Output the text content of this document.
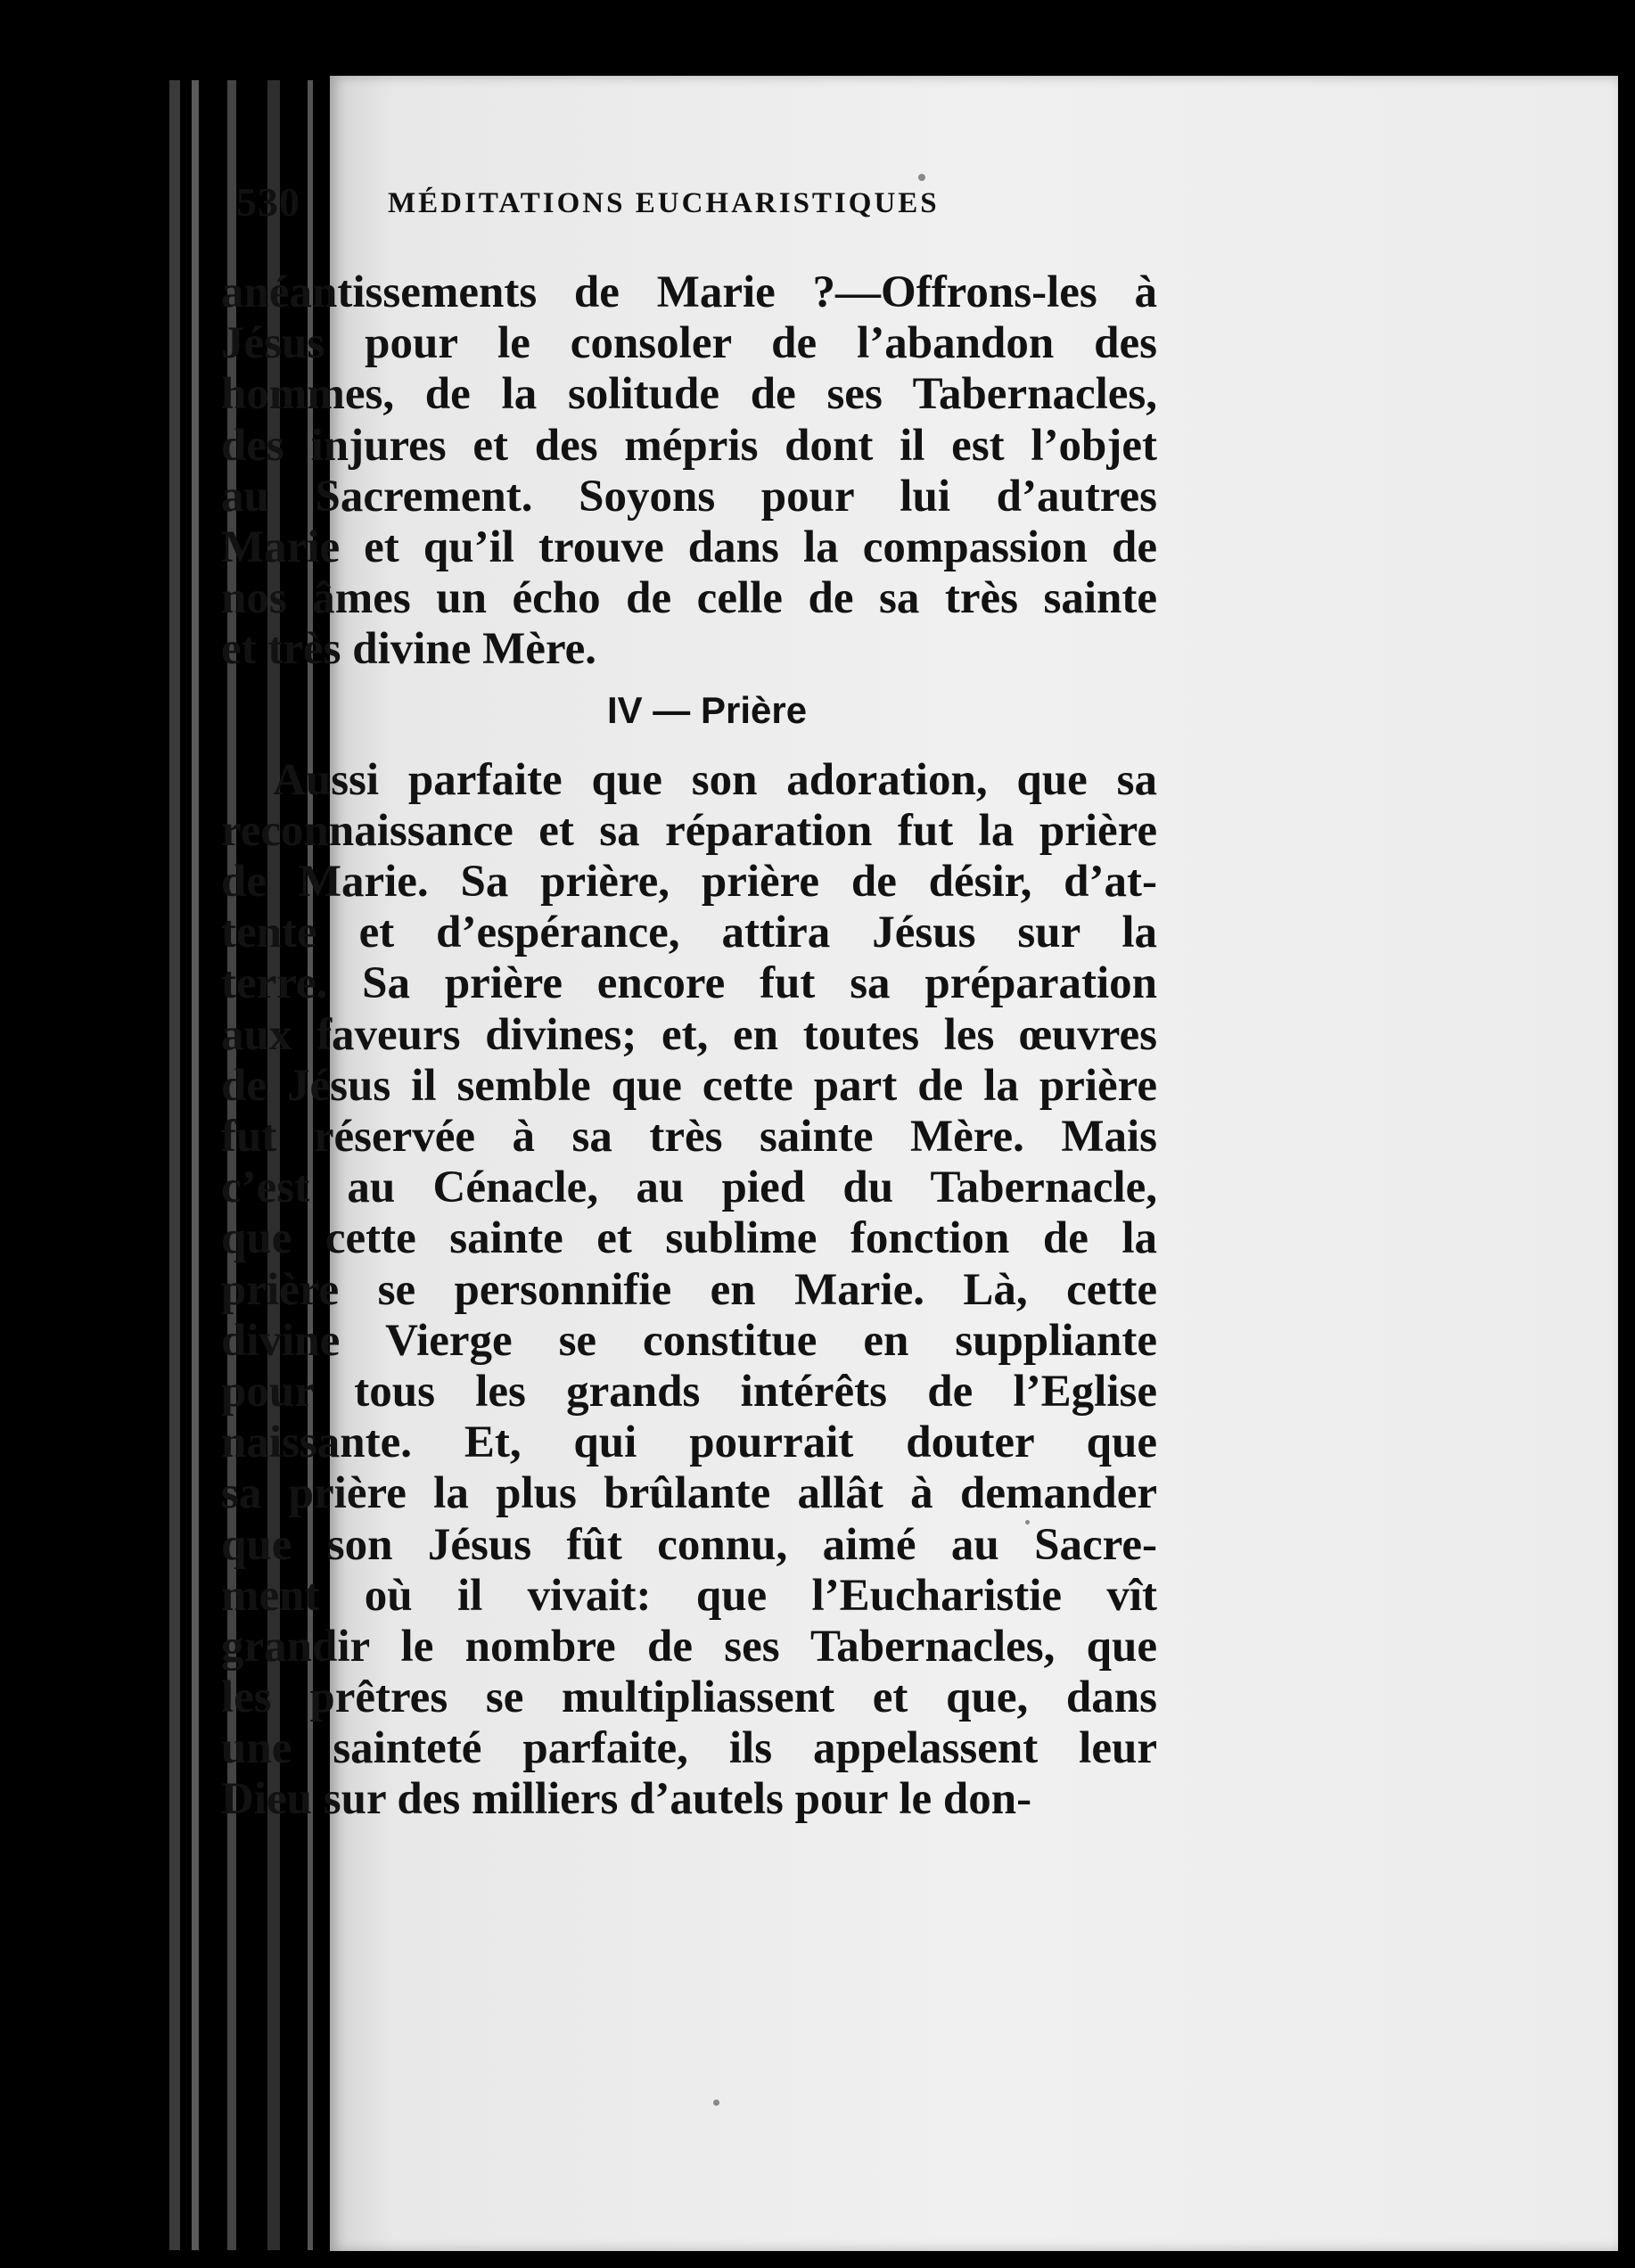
530	MÉDITATIONS EUCHARISTIQUES
anéantissements de Marie ?—Offrons-les à
Jésus pour le consoler de l’abandon des
hommes, de la solitude de ses Tabernacles,
des injures et des mépris dont il est l’objet
au Sacrement. Soyons pour lui d’autres
Marie et qu’il trouve dans la compassion de
nos âmes un écho de celle de sa très sainte
et très divine Mère.
IV — Prière
Aussi parfaite que son adoration, que sa
reconnaissance et sa réparation fut la prière
de Marie. Sa prière, prière de désir, d’at-
tente et d’espérance, attira Jésus sur la
terre. Sa prière encore fut sa préparation
aux faveurs divines; et, en toutes les œuvres
de Jésus il semble que cette part de la prière
fut réservée à sa très sainte Mère. Mais
c’est au Cénacle, au pied du Tabernacle,
que cette sainte et sublime fonction de la
prière se personnifie en Marie. Là, cette
divine Vierge se constitue en suppliante
pour tous les grands intérêts de l’Eglise
naissante. Et, qui pourrait douter que
sa prière la plus brûlante allât à demander
que son Jésus fût connu, aimé au Sacre-
ment où il vivait: que l’Eucharistie vît
grandir le nombre de ses Tabernacles, que
les prêtres se multipliassent et que, dans
une sainteté parfaite, ils appelassent leur
Dieu sur des milliers d’autels pour le don-
